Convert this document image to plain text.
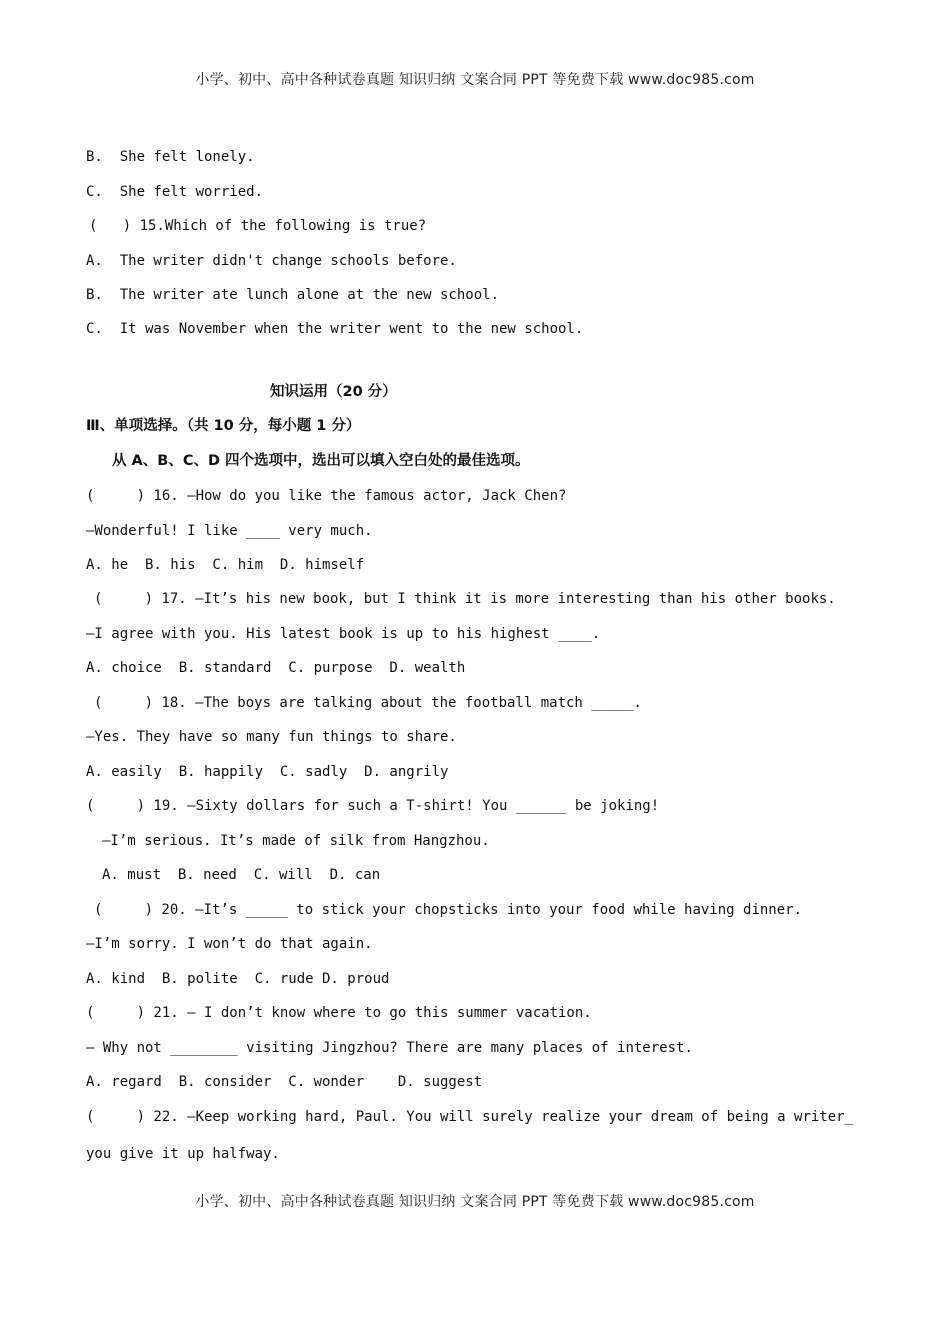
小学、初中、高中各种试卷真题 知识归纳 文案合同 PPT 等免费下载 www.doc985.com
B.  She felt lonely.
C.  She felt worried.
(   ) 15.Which of the following is true?
A.  The writer didn't change schools before.
B.  The writer ate lunch alone at the new school.
C.  It was November when the writer went to the new school.
知识运用（20 分）
Ⅲ、单项选择。（共 10 分，每小题 1 分）
从 A、B、C、D 四个选项中，选出可以填入空白处的最佳选项。
(     ) 16. —How do you like the famous actor, Jack Chen?
—Wonderful! I like ____ very much.
A. he  B. his  C. him  D. himself
(     ) 17. —It’s his new book, but I think it is more interesting than his other books.
—I agree with you. His latest book is up to his highest ____.
A. choice  B. standard  C. purpose  D. wealth
(     ) 18. —The boys are talking about the football match _____.
—Yes. They have so many fun things to share.
A. easily  B. happily  C. sadly  D. angrily
(     ) 19. —Sixty dollars for such a T-shirt! You ______ be joking!
—I’m serious. It’s made of silk from Hangzhou.
A. must  B. need  C. will  D. can
(     ) 20. —It’s _____ to stick your chopsticks into your food while having dinner.
—I’m sorry. I won’t do that again.
A. kind  B. polite  C. rude D. proud
(     ) 21. — I don’t know where to go this summer vacation.
— Why not ________ visiting Jingzhou? There are many places of interest.
A. regard  B. consider  C. wonder    D. suggest
(     ) 22. —Keep working hard, Paul. You will surely realize your dream of being a writer_
you give it up halfway.
小学、初中、高中各种试卷真题 知识归纳 文案合同 PPT 等免费下载 www.doc985.com
